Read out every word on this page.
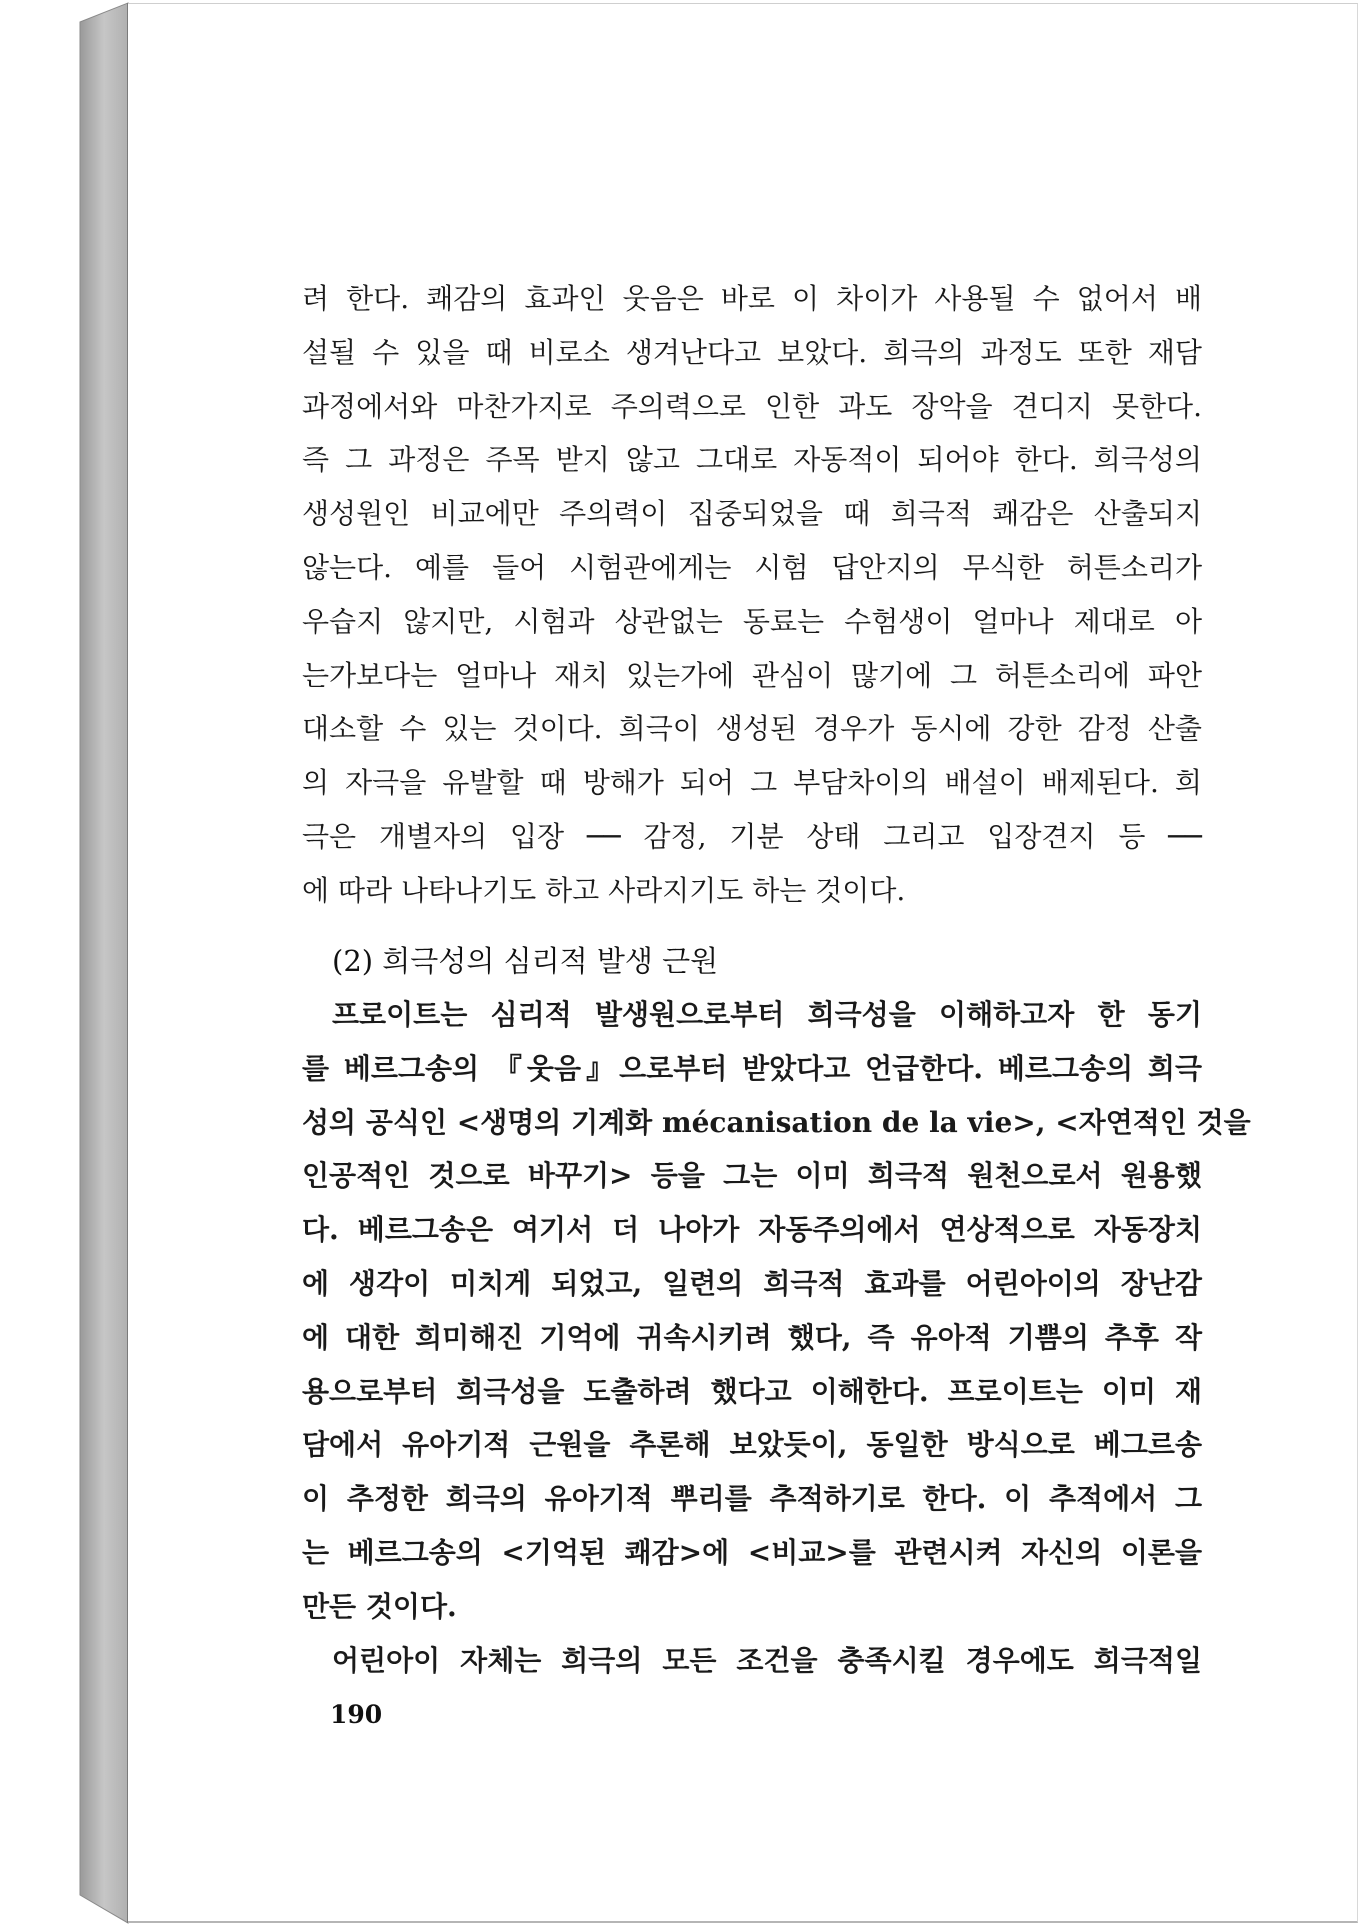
려 한다. 쾌감의 효과인 웃음은 바로 이 차이가 사용될 수 없어서 배
설될 수 있을 때 비로소 생겨난다고 보았다. 희극의 과정도 또한 재담
과정에서와 마찬가지로 주의력으로 인한 과도 장악을 견디지 못한다.
즉 그 과정은 주목 받지 않고 그대로 자동적이 되어야 한다. 희극성의
생성원인 비교에만 주의력이 집중되었을 때 희극적 쾌감은 산출되지
않는다. 예를 들어 시험관에게는 시험 답안지의 무식한 허튼소리가
우습지 않지만, 시험과 상관없는 동료는 수험생이 얼마나 제대로 아
는가보다는 얼마나 재치 있는가에 관심이 많기에 그 허튼소리에 파안
대소할 수 있는 것이다. 희극이 생성된 경우가 동시에 강한 감정 산출
의 자극을 유발할 때 방해가 되어 그 부담차이의 배설이 배제된다. 희
극은 개별자의 입장 ── 감정, 기분 상태 그리고 입장견지 등 ──
에 따라 나타나기도 하고 사라지기도 하는 것이다.
(2) 희극성의 심리적 발생 근원
프로이트는 심리적 발생원으로부터 희극성을 이해하고자 한 동기
를 베르그송의 『웃음』으로부터 받았다고 언급한다. 베르그송의 희극
성의 공식인 <생명의 기계화 mécanisation de la vie>, <자연적인 것을
인공적인 것으로 바꾸기> 등을 그는 이미 희극적 원천으로서 원용했
다. 베르그송은 여기서 더 나아가 자동주의에서 연상적으로 자동장치
에 생각이 미치게 되었고, 일련의 희극적 효과를 어린아이의 장난감
에 대한 희미해진 기억에 귀속시키려 했다, 즉 유아적 기쁨의 추후 작
용으로부터 희극성을 도출하려 했다고 이해한다. 프로이트는 이미 재
담에서 유아기적 근원을 추론해 보았듯이, 동일한 방식으로 베그르송
이 추정한 희극의 유아기적 뿌리를 추적하기로 한다. 이 추적에서 그
는 베르그송의 <기억된 쾌감>에 <비교>를 관련시켜 자신의 이론을
만든 것이다.
어린아이 자체는 희극의 모든 조건을 충족시킬 경우에도 희극적일
190
